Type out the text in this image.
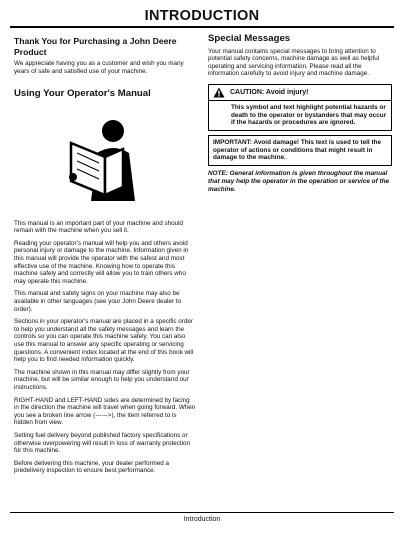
INTRODUCTION
Thank You for Purchasing a John Deere Product

We appreciate having you as a customer and wish you many years of safe and satisfied use of your machine.

Using Your Operator's Manual

This manual is an important part of your machine and should remain with the machine when you sell it.

Reading your operator's manual will help you and others avoid personal injury or damage to the machine. Information given in this manual will provide the operator with the safest and most effective use of the machine. Knowing how to operate this machine safely and correctly will allow you to train others who may operate this machine.

This manual and safety signs on your machine may also be available in other languages (see your John Deere dealer to order).

Sections in your operator's manual are placed in a specific order to help you understand all the safety messages and learn the controls so you can operate this machine safely. You can also use this manual to answer any specific operating or servicing questions. A convenient index located at the end of this book will help you to find needed information quickly.

The machine shown in this manual may differ slightly from your machine, but will be similar enough to help you understand our instructions.

RIGHT-HAND and LEFT-HAND sides are determined by facing in the direction the machine will travel when going forward. When you see a broken line arrow (------>), the item referred to is hidden from view.

Setting fuel delivery beyond published factory specifications or otherwise overpowering will result in loss of warranty protection for this machine.

Before delivering this machine, your dealer performed a predelivery inspection to ensure best performance.

Special Messages

Your manual contains special messages to bring attention to potential safety concerns, machine damage as well as helpful operating and servicing information. Please read all the information carefully to avoid injury and machine damage.

CAUTION: Avoid injury!
This symbol and text highlight potential hazards or death to the operator or bystanders that may occur if the hazards or procedures are ignored.
IMPORTANT: Avoid damage! This text is used to tell the operator of actions or conditions that might result in damage to the machine.
NOTE: General information is given throughout the manual that may help the operator in the operation or service of the machine.
Introduction
